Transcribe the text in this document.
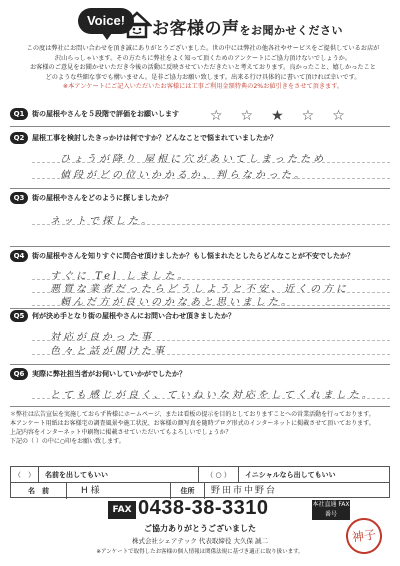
Voice!	お客様の声をお聞かせください
この度は弊社にお問い合わせを頂き誠にありがとうございました。世の中には弊社の他各社やサービスをご提供しているお店が
沢山らっしゃいます。その方たちに弊社をよく知って頂くためのアンケートにご協力頂けないでしょうか。
お客様のご意見をお聞かせいただき今後の活動に反映させていただきたいと考えております。良かったこと、嬉しかったこと
どのような些細な事でも構いません。是非ご協力お願い致します。出来る行け具体的に書いて頂ければ幸いです。
※本アンケートにご記入いただいたお客様には工事ご利用金額特典の2%お値引きをさせて頂きます。
Q1	街の屋根やさんを５段階で評価をお願いします ☆☆★☆☆
Q2	屋根工事を検討したきっかけは何ですか？どんなことで悩まれていましたか？
ひょうが降り 屋根に穴があいてしまったため
値段がどの位いかかるか、判らなかった。
Q3	街の屋根やさんをどのように探しましたか？
ネットで探した。
Q4	街の屋根やさんを知りすぐに問合せ頂けましたか？もし悩まれたとしたらどんなことが不安でしたか？
すぐに Tel しました。
悪質な業者だったらどうしようと不安、近くの方に
頼んだ方が良いのかなあと思いました。
Q5	何が決め手となり街の屋根やさんにお問い合わせ頂きましたか？
対応が良かった事
色々と話が聞けた事
Q6	実際に弊社担当者がお伺いしていかがでしたか？
とても感じが良く、ていねいな対応をしてくれました。
＊弊社は広告宣伝を実施しておらず皆様にホームページ、または看板の提示を目的としておりますことへの営業活動を行っております。
本アンケート用紙はお客様宅の調査風景や施工状況、お客様の顔写真を随時ブログ形式のインターネットに掲載させて頂いております。
上記内容をインターネット中刷物に掲載させていただいてもよろしいでしょうか？
下記の（ ）の中に○印をお願い致します。
（　）	名前を出してもいい	（ ○ ）	イニシャルなら出してもいい
名　前	H 様	住所	野田市中野台
FAX 0438-38-3310	本社直通 FAX番号
ご協力ありがとうございました
株式会社シェアテック 代表取締役 大久保 誠二
※アンケートで取得したお客様の個人情報は関係法規に基づき適正に取り扱います。
神子
